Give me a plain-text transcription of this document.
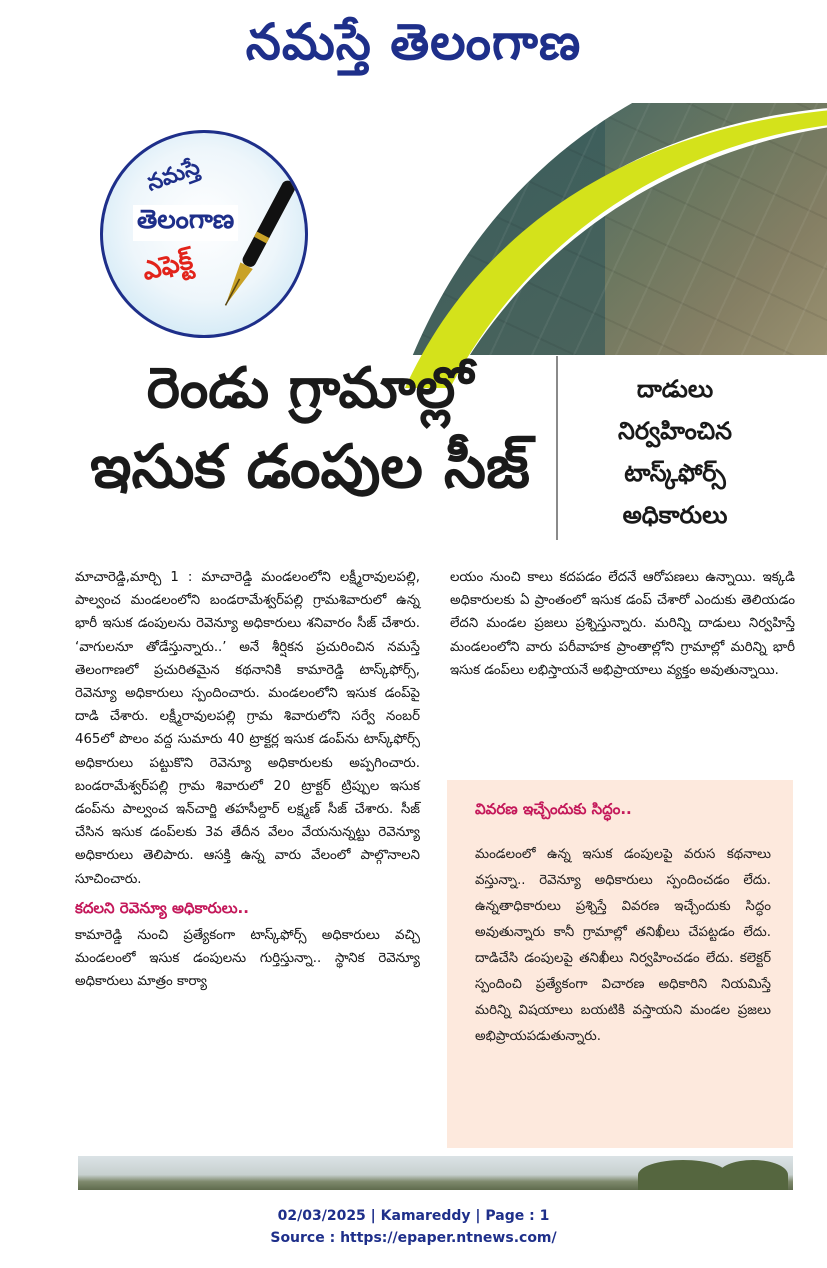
నమస్తే తెలంగాణ
నమస్తే
తెలంగాణ
ఎఫెక్ట్
రెండు గ్రామాల్లో
ఇసుక డంపుల సీజ్
దాడులు
నిర్వహించిన
టాస్క్‌ఫోర్స్
అధికారులు

మాచారెడ్డి,మార్చి 1 : మాచారెడ్డి మండలంలోని లక్ష్మీరావులపల్లి, పాల్వంచ మండలంలోని బండరామేశ్వర్‌పల్లి గ్రామశివారులో ఉన్న భారీ ఇసుక డంపులను రెవెన్యూ అధికారులు శనివారం సీజ్ చేశారు. ‘వాగులనూ తోడేస్తున్నారు..’ అనే శీర్షికన ప్రచురించిన నమస్తే తెలంగాణలో ప్రచురితమైన కథనానికి కామారెడ్డి టాస్క్‌ఫోర్స్, రెవెన్యూ అధికారులు స్పందించారు. మండలంలోని ఇసుక డంప్‌పై దాడి చేశారు. లక్ష్మీరావులపల్లి గ్రామ శివారులోని సర్వే నంబర్ 465లో పొలం వద్ద సుమారు 40 ట్రాక్టర్ల ఇసుక డంప్‌ను టాస్క్‌ఫోర్స్ అధికారులు పట్టుకొని రెవెన్యూ అధికారులకు అప్పగించారు. బండరామేశ్వర్‌పల్లి గ్రామ శివారులో 20 ట్రాక్టర్ ట్రిప్పుల ఇసుక డంప్‌ను పాల్వంచ ఇన్‌చార్జి తహసీల్దార్ లక్ష్మణ్ సీజ్ చేశారు. సీజ్ చేసిన ఇసుక డంప్‌లకు 3వ తేదీన వేలం వేయనున్నట్టు రెవెన్యూ అధికారులు తెలిపారు. ఆసక్తి ఉన్న వారు వేలంలో పాల్గొనాలని సూచించారు.

కదలని రెవెన్యూ అధికారులు..

కామారెడ్డి నుంచి ప్రత్యేకంగా టాస్క్‌ఫోర్స్ అధికారులు వచ్చి మండలంలో ఇసుక డంపులను గుర్తిస్తున్నా.. స్థానిక రెవెన్యూ అధికారులు మాత్రం కార్యా

లయం నుంచి కాలు కదపడం లేదనే ఆరోపణలు ఉన్నాయి. ఇక్కడి అధికారులకు ఏ ప్రాంతంలో ఇసుక డంప్ చేశారో ఎందుకు తెలియడం లేదని మండల ప్రజలు ప్రశ్నిస్తున్నారు. మరిన్ని దాడులు నిర్వహిస్తే మండలంలోని వారు పరీవాహక ప్రాంతాల్లోని గ్రామాల్లో మరిన్ని భారీ ఇసుక డంప్‌లు లభిస్తాయనే అభిప్రాయాలు వ్యక్తం అవుతున్నాయి.

వివరణ ఇచ్చేందుకు సిద్ధం..
మండలంలో ఉన్న ఇసుక డంపులపై వరుస కథనాలు వస్తున్నా.. రెవెన్యూ అధికారులు స్పందించడం లేదు. ఉన్నతాధికారులు ప్రశ్నిస్తే వివరణ ఇచ్చేందుకు సిద్ధం అవుతున్నారు కానీ గ్రామాల్లో తనిఖీలు చేపట్టడం లేదు. దాడిచేసి డంపులపై తనిఖీలు నిర్వహించడం లేదు. కలెక్టర్ స్పందించి ప్రత్యేకంగా విచారణ అధికారిని నియమిస్తే మరిన్ని విషయాలు బయటికి వస్తాయని మండల ప్రజలు అభిప్రాయపడుతున్నారు.
02/03/2025 | Kamareddy | Page : 1
Source : https://epaper.ntnews.com/
